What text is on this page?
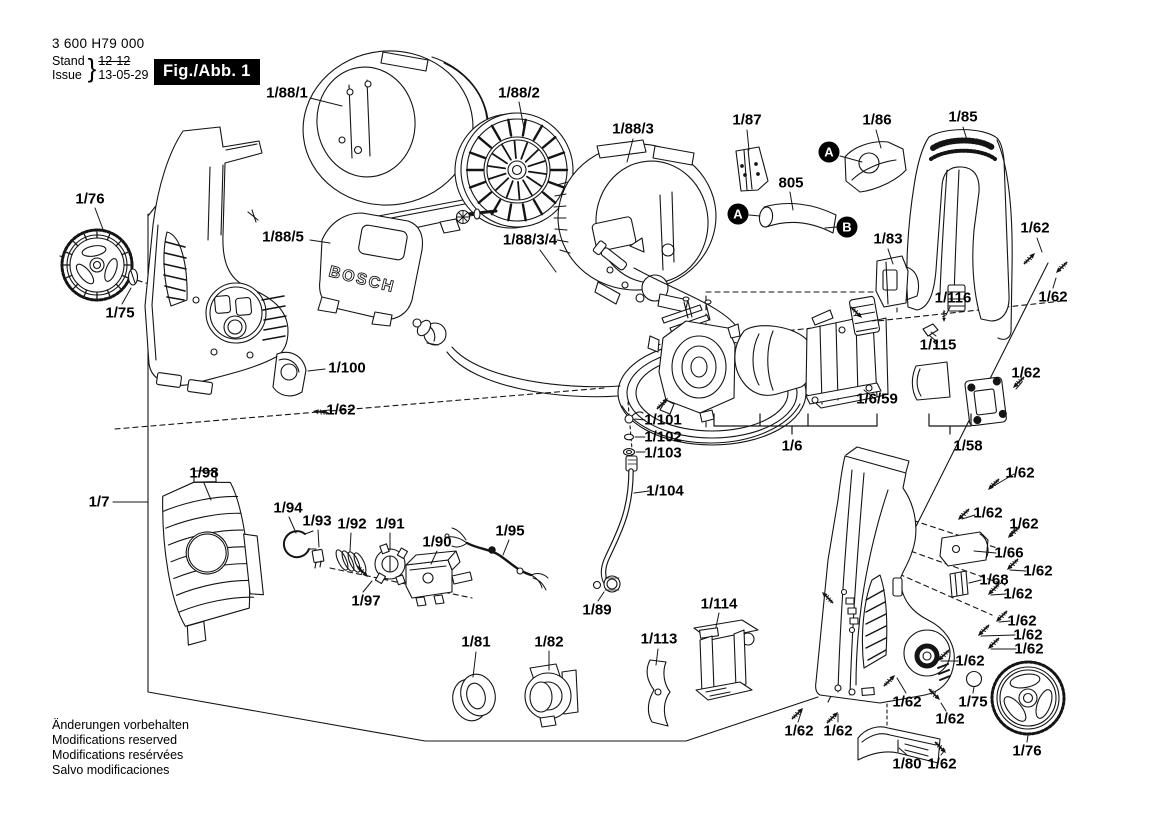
BOSCH
3 600 H79 000
Stand
Issue } 12-12
13-05-29 Fig./Abb. 1
1/88/1	1/88/2
1/88/3
1/87	1/86	1/85
805
1/76
1/88/5	1/88/3/4	1/83
1/62
1/75
1/62
1/116
1/115
1/100	1/62
1/62
1/6/59
1/101
1/102
1/103	1/6	1/58
1/104
1/98
1/7
1/62
1/94
1/93 1/92 1/91
1/62
1/62
1/90
1/95
1/66
1/62
1/68
1/62
1/97
1/89	1/114
1/62
1/62
1/62
1/81	1/82	1/113
1/62
1/62 1/75
1/62 1/62
1/62
1/76
1/80 1/62
A
A
B
Änderungen vorbehalten
Modifications reserved
Modifications resérvées
Salvo modificaciones
